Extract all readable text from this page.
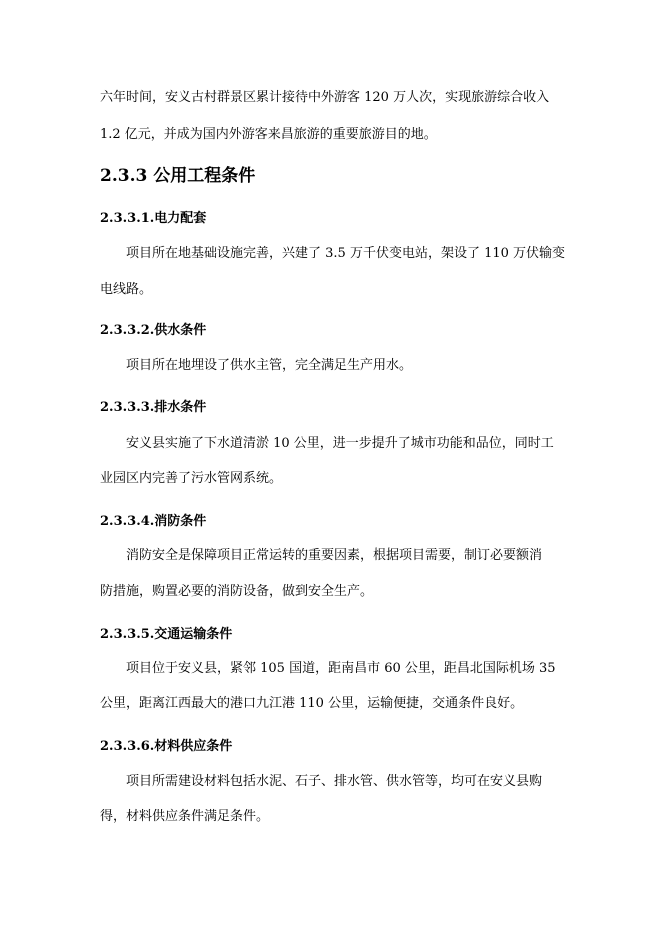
六年时间，安义古村群景区累计接待中外游客 120 万人次，实现旅游综合收入
1.2 亿元，并成为国内外游客来昌旅游的重要旅游目的地。
2.3.3 公用工程条件
2.3.3.1.电力配套
项目所在地基础设施完善，兴建了 3.5 万千伏变电站，架设了 110 万伏输变
电线路。
2.3.3.2.供水条件
项目所在地埋设了供水主管，完全满足生产用水。
2.3.3.3.排水条件
安义县实施了下水道清淤 10 公里，进一步提升了城市功能和品位，同时工
业园区内完善了污水管网系统。
2.3.3.4.消防条件
消防安全是保障项目正常运转的重要因素，根据项目需要，制订必要额消
防措施，购置必要的消防设备，做到安全生产。
2.3.3.5.交通运输条件
项目位于安义县，紧邻 105 国道，距南昌市 60 公里，距昌北国际机场 35
公里，距离江西最大的港口九江港 110 公里，运输便捷，交通条件良好。
2.3.3.6.材料供应条件
项目所需建设材料包括水泥、石子、排水管、供水管等，均可在安义县购
得，材料供应条件满足条件。
